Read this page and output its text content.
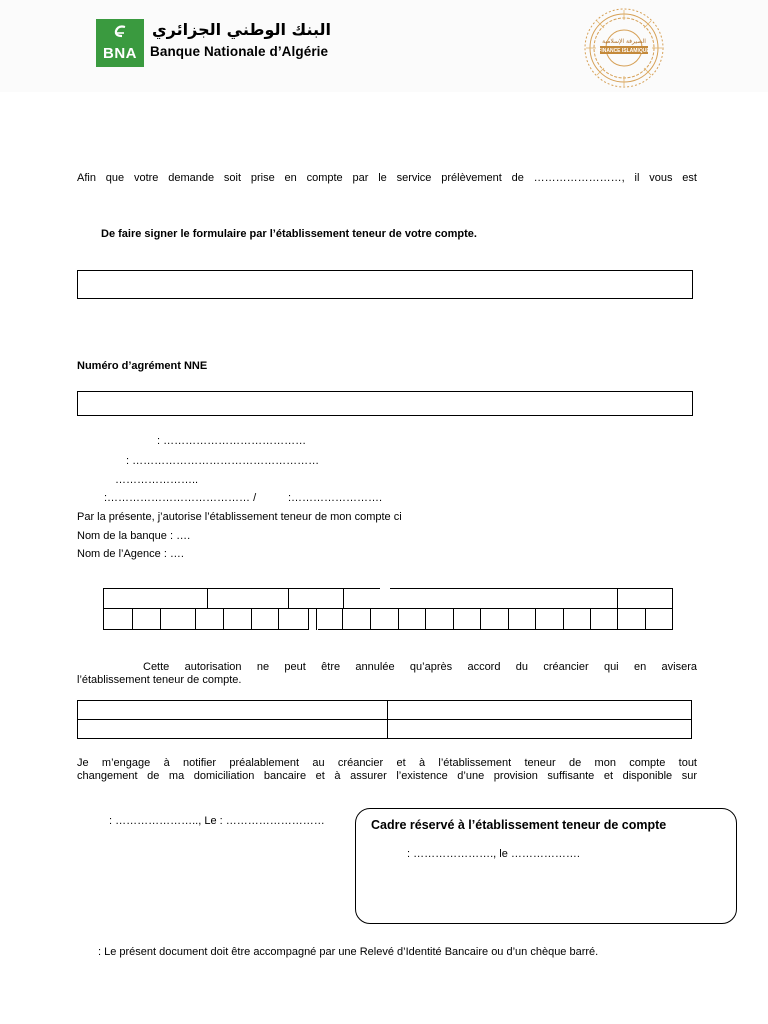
BNA
البنك الوطني الجزائري
Banque Nationale d’Algérie
الصيرفة الإسلامية
FINANCE ISLAMIQUE
Afin que votre demande soit prise en compte par le service prélèvement de ……………………, il vous est
De faire signer le formulaire par l’établissement teneur de votre compte.
Numéro d’agrément NNE
: …………………………………
: ……………………………………………
…………………..
:………………………………… /	:…………………….
Par la présente, j’autorise l’établissement teneur de mon compte ci
Nom de la banque : ….
Nom de l’Agence : ….
Cette autorisation ne peut être annulée qu’après accord du créancier qui en avisera
l’établissement teneur de compte.

Je m’engage à notifier préalablement au créancier et à l’établissement teneur de mon compte tout
changement de ma domiciliation bancaire et à assurer l’existence d’une provision suffisante et disponible sur
: ………………….., Le : ………………………	Cadre réservé à l’établissement teneur de compte
: …………………., le ……………….
: Le présent document doit être accompagné par une Relevé d’Identité Bancaire ou d’un chèque barré.
